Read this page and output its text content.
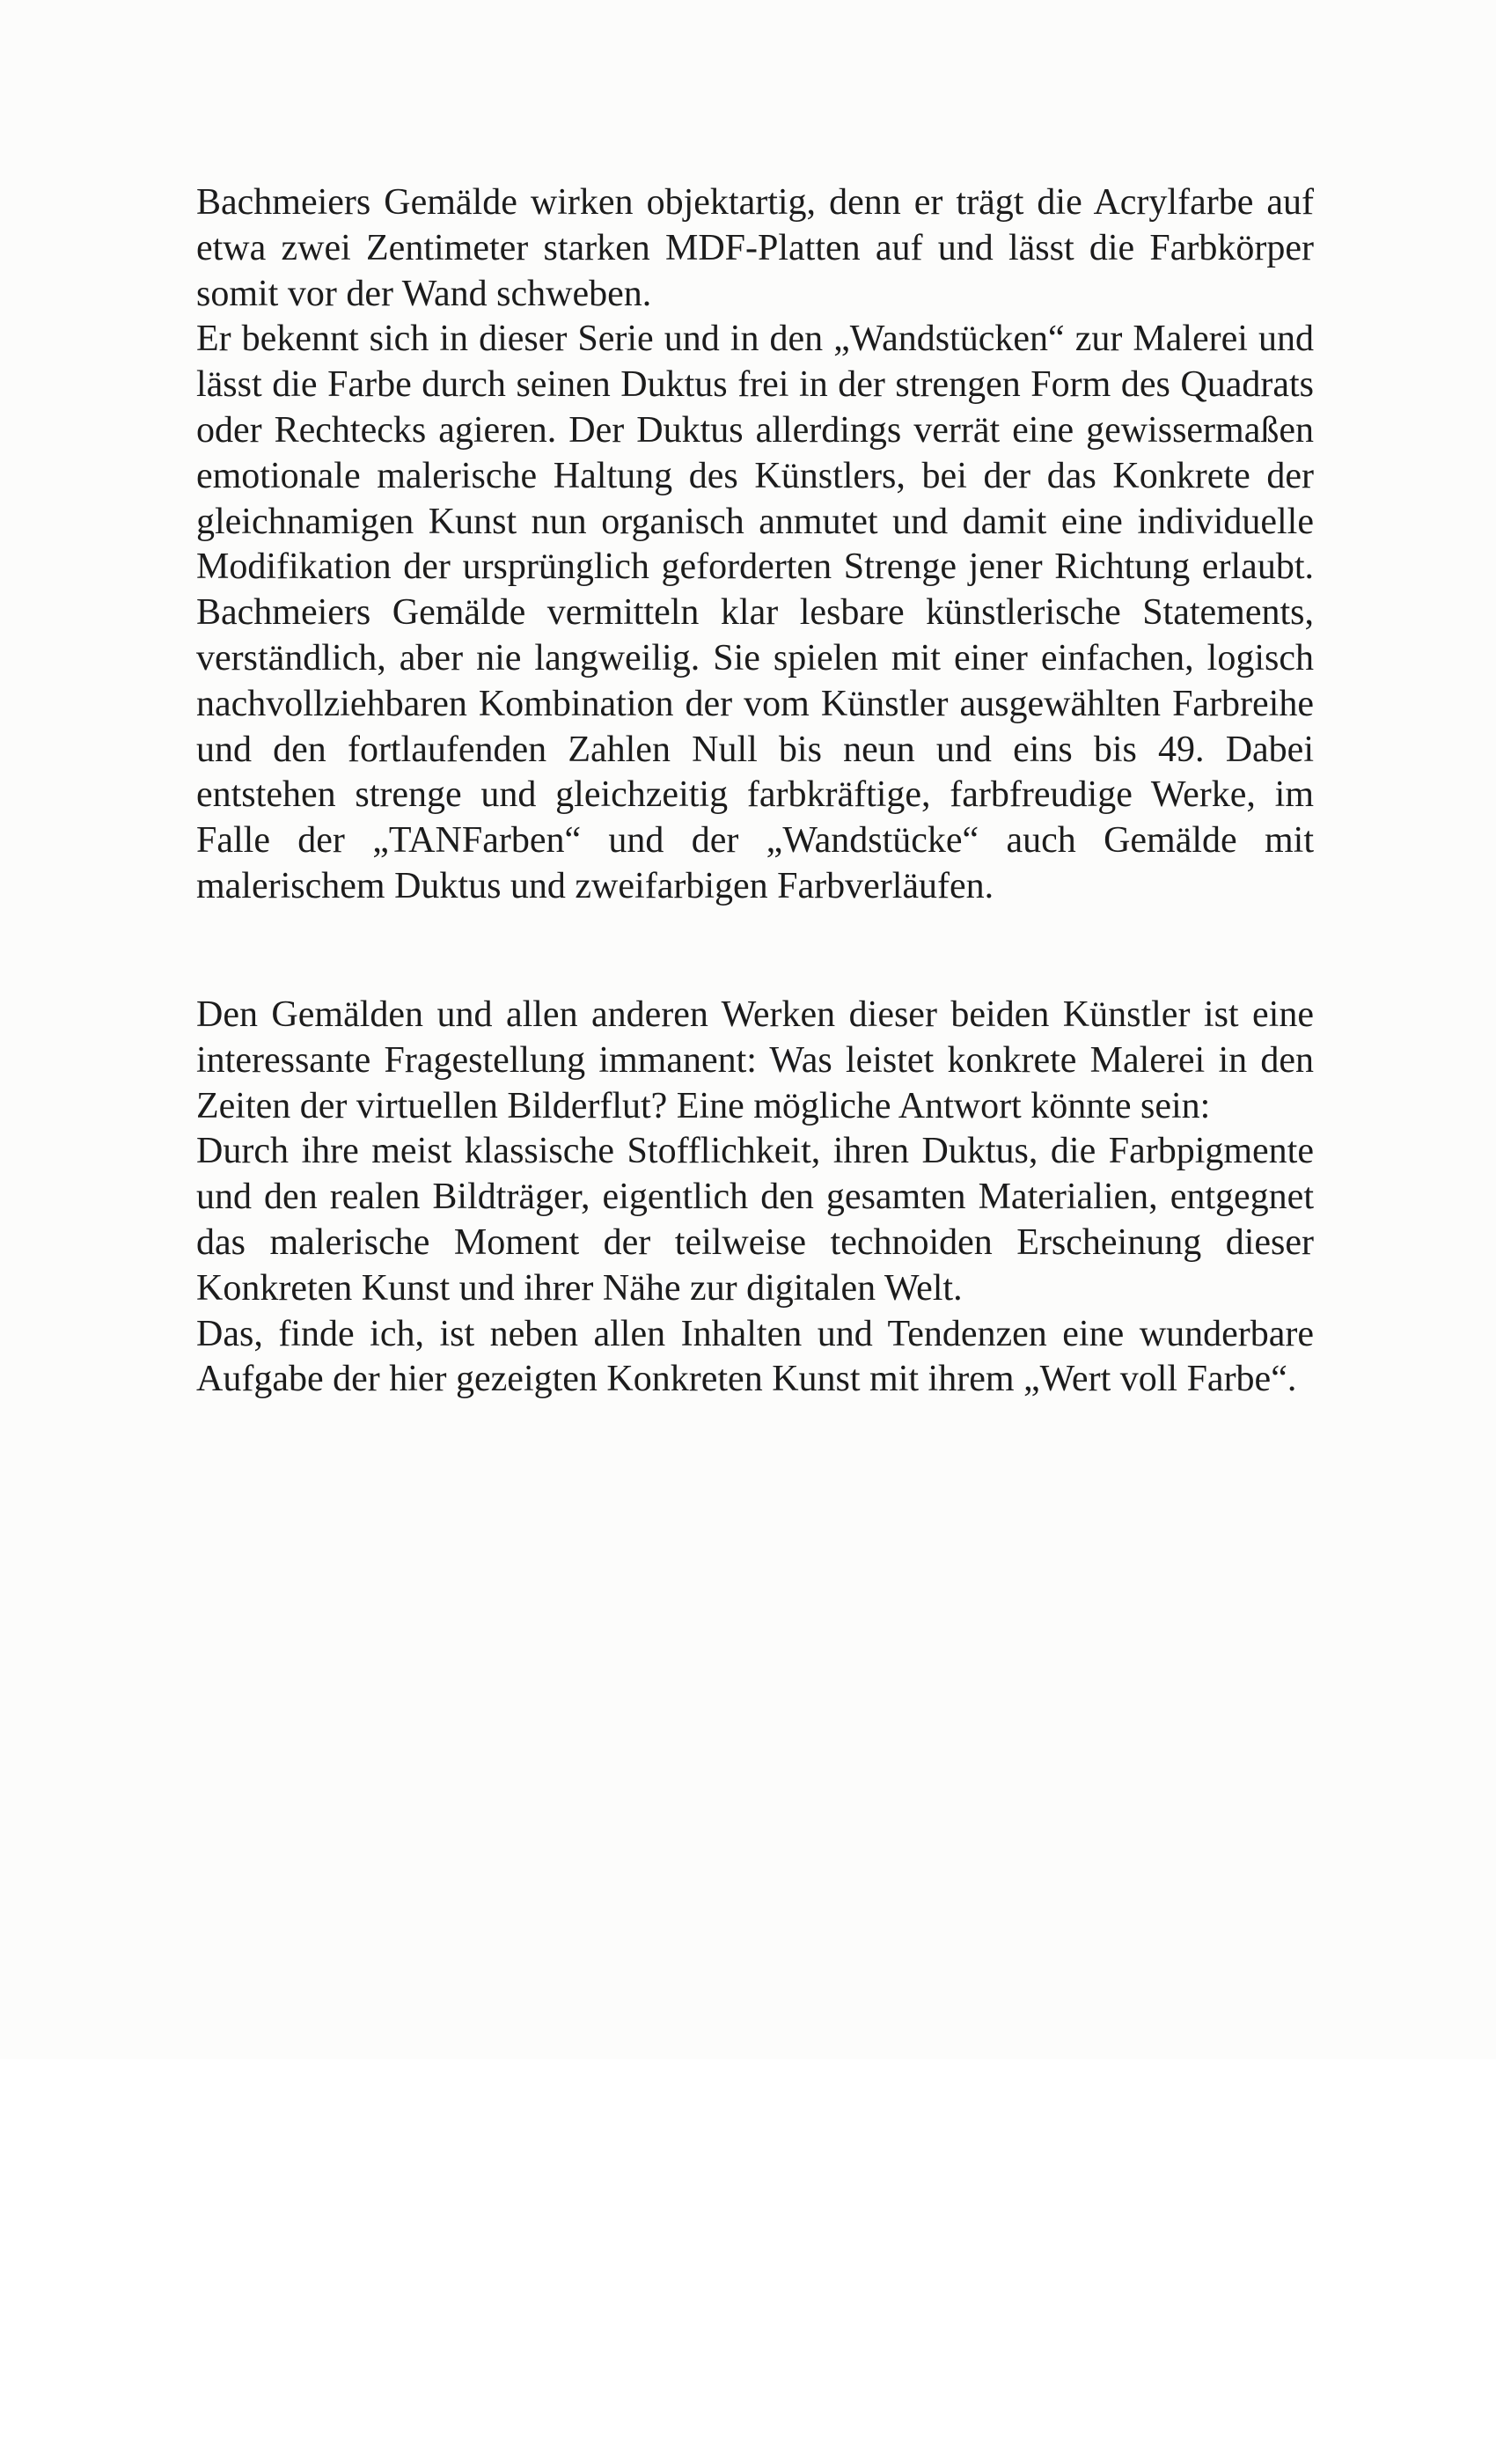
Bachmeiers Gemälde wirken objektartig, denn er trägt die Acrylfarbe auf etwa zwei Zentimeter starken MDF-Platten auf und lässt die Farbkörper somit vor der Wand schweben.

Er bekennt sich in dieser Serie und in den „Wandstücken“ zur Malerei und lässt die Farbe durch seinen Duktus frei in der strengen Form des Quadrats oder Rechtecks agieren. Der Duktus allerdings verrät eine gewissermaßen emotionale malerische Haltung des Künstlers, bei der das Konkrete der gleichnamigen Kunst nun organisch anmutet und damit eine individuelle Modifikation der ursprünglich geforderten Strenge jener Richtung erlaubt. Bachmeiers Gemälde vermitteln klar lesbare künstlerische Statements, verständlich, aber nie langweilig. Sie spielen mit einer einfachen, logisch nachvollziehbaren Kombination der vom Künstler ausgewählten Farbreihe und den fortlaufenden Zahlen Null bis neun und eins bis 49. Dabei entstehen strenge und gleichzeitig farbkräftige, farbfreudige Werke, im Falle der „TANFarben“ und der „Wandstücke“ auch Gemälde mit malerischem Duktus und zweifarbigen Farbverläufen.

Den Gemälden und allen anderen Werken dieser beiden Künstler ist eine interessante Fragestellung immanent: Was leistet konkrete Malerei in den Zeiten der virtuellen Bilderflut? Eine mögliche Antwort könnte sein:

Durch ihre meist klassische Stofflichkeit, ihren Duktus, die Farbpigmente und den realen Bildträger, eigentlich den gesamten Materialien, entgegnet das malerische Moment der teilweise technoiden Erscheinung dieser Konkreten Kunst und ihrer Nähe zur digitalen Welt.

Das, finde ich, ist neben allen Inhalten und Tendenzen eine wunderbare Aufgabe der hier gezeigten Konkreten Kunst mit ihrem „Wert voll Farbe“.
